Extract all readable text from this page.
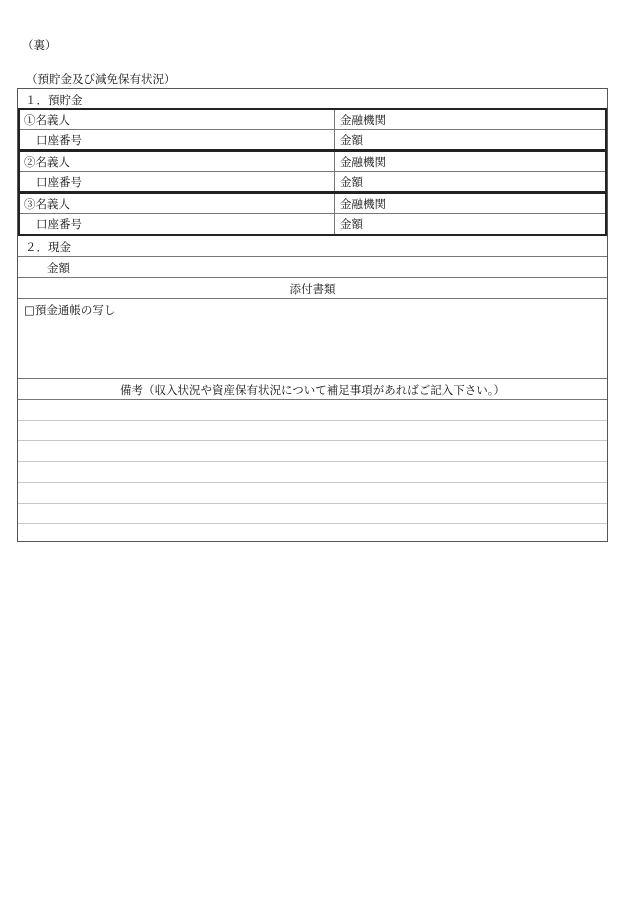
（裏）
（預貯金及び減免保有状況）
１．預貯金
①名義人	金融機関
口座番号	金額
②名義人	金融機関
口座番号	金額
③名義人	金融機関
口座番号	金額
２．現金
金額
添付書類
□預金通帳の写し
備考（収入状況や資産保有状況について補足事項があればご記入下さい。）
